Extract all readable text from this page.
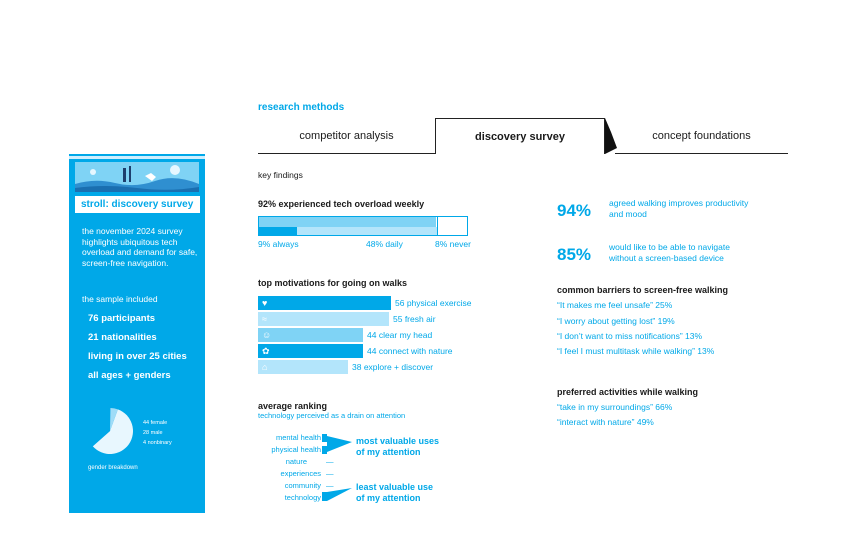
research methods
competitor analysis	discovery survey	concept foundations
stroll: discovery survey
the november 2024 survey highlights ubiquitous tech overload and demand for safe, screen-free navigation.
the sample included
76 participants
21 nationalities
living in over 25 cities
all ages + genders
44 female
28 male
4 nonbinary
gender breakdown
key findings
92% experienced tech overload weekly
9% always	48% daily	8% never
top motivations for going on walks
♥	56 physical exercise
≈	55 fresh air
☺	44 clear my head
✿	44 connect with nature
⌂	38 explore + discover
average ranking
technology perceived as a drain on attention
mental health
physical health
nature	—
experiences —
community —
technology
most valuable uses
of my attention
least valuable use
of my attention
94% agreed walking improves productivity and mood
85% would like to be able to navigate without a screen-based device
common barriers to screen-free walking
“It makes me feel unsafe” 25%
“I worry about getting lost” 19%
“I don’t want to miss notifications” 13%
“I feel I must multitask while walking” 13%
preferred activities while walking
“take in my surroundings” 66%
“interact with nature” 49%
